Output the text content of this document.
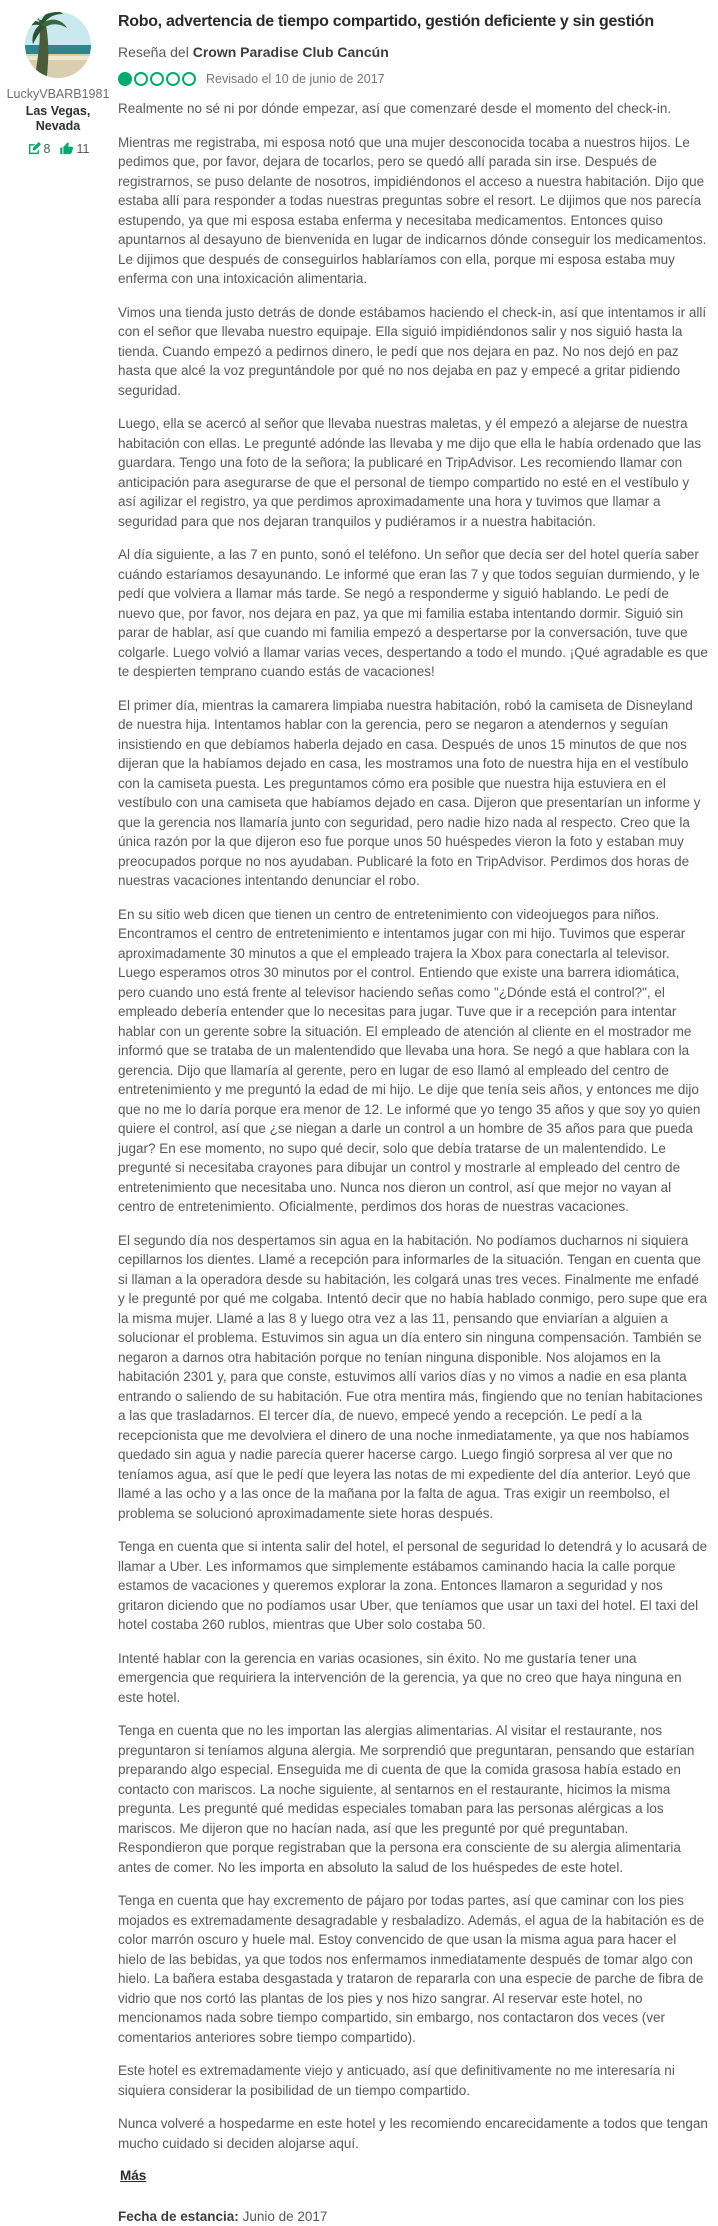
LuckyVBARB1981
Las Vegas, Nevada
8 11
Robo, advertencia de tiempo compartido, gestión deficiente y sin gestión
Reseña del Crown Paradise Club Cancún
Revisado el 10 de junio de 2017

Realmente no sé ni por dónde empezar, así que comenzaré desde el momento del check-in.

Mientras me registraba, mi esposa notó que una mujer desconocida tocaba a nuestros hijos. Le pedimos que, por favor, dejara de tocarlos, pero se quedó allí parada sin irse. Después de registrarnos, se puso delante de nosotros, impidiéndonos el acceso a nuestra habitación. Dijo que estaba allí para responder a todas nuestras preguntas sobre el resort. Le dijimos que nos parecía estupendo, ya que mi esposa estaba enferma y necesitaba medicamentos. Entonces quiso apuntarnos al desayuno de bienvenida en lugar de indicarnos dónde conseguir los medicamentos. Le dijimos que después de conseguirlos hablaríamos con ella, porque mi esposa estaba muy enferma con una intoxicación alimentaria.

Vimos una tienda justo detrás de donde estábamos haciendo el check-in, así que intentamos ir allí con el señor que llevaba nuestro equipaje. Ella siguió impidiéndonos salir y nos siguió hasta la tienda. Cuando empezó a pedirnos dinero, le pedí que nos dejara en paz. No nos dejó en paz hasta que alcé la voz preguntándole por qué no nos dejaba en paz y empecé a gritar pidiendo seguridad.

Luego, ella se acercó al señor que llevaba nuestras maletas, y él empezó a alejarse de nuestra habitación con ellas. Le pregunté adónde las llevaba y me dijo que ella le había ordenado que las guardara. Tengo una foto de la señora; la publicaré en TripAdvisor. Les recomiendo llamar con anticipación para asegurarse de que el personal de tiempo compartido no esté en el vestíbulo y así agilizar el registro, ya que perdimos aproximadamente una hora y tuvimos que llamar a seguridad para que nos dejaran tranquilos y pudiéramos ir a nuestra habitación.

Al día siguiente, a las 7 en punto, sonó el teléfono. Un señor que decía ser del hotel quería saber cuándo estaríamos desayunando. Le informé que eran las 7 y que todos seguían durmiendo, y le pedí que volviera a llamar más tarde. Se negó a responderme y siguió hablando. Le pedí de nuevo que, por favor, nos dejara en paz, ya que mi familia estaba intentando dormir. Siguió sin parar de hablar, así que cuando mi familia empezó a despertarse por la conversación, tuve que colgarle. Luego volvió a llamar varias veces, despertando a todo el mundo. ¡Qué agradable es que te despierten temprano cuando estás de vacaciones!

El primer día, mientras la camarera limpiaba nuestra habitación, robó la camiseta de Disneyland de nuestra hija. Intentamos hablar con la gerencia, pero se negaron a atendernos y seguían insistiendo en que debíamos haberla dejado en casa. Después de unos 15 minutos de que nos dijeran que la habíamos dejado en casa, les mostramos una foto de nuestra hija en el vestíbulo con la camiseta puesta. Les preguntamos cómo era posible que nuestra hija estuviera en el vestíbulo con una camiseta que habíamos dejado en casa. Dijeron que presentarían un informe y que la gerencia nos llamaría junto con seguridad, pero nadie hizo nada al respecto. Creo que la única razón por la que dijeron eso fue porque unos 50 huéspedes vieron la foto y estaban muy preocupados porque no nos ayudaban. Publicaré la foto en TripAdvisor. Perdimos dos horas de nuestras vacaciones intentando denunciar el robo.

En su sitio web dicen que tienen un centro de entretenimiento con videojuegos para niños. Encontramos el centro de entretenimiento e intentamos jugar con mi hijo. Tuvimos que esperar aproximadamente 30 minutos a que el empleado trajera la Xbox para conectarla al televisor. Luego esperamos otros 30 minutos por el control. Entiendo que existe una barrera idiomática, pero cuando uno está frente al televisor haciendo señas como "¿Dónde está el control?", el empleado debería entender que lo necesitas para jugar. Tuve que ir a recepción para intentar hablar con un gerente sobre la situación. El empleado de atención al cliente en el mostrador me informó que se trataba de un malentendido que llevaba una hora. Se negó a que hablara con la gerencia. Dijo que llamaría al gerente, pero en lugar de eso llamó al empleado del centro de entretenimiento y me preguntó la edad de mi hijo. Le dije que tenía seis años, y entonces me dijo que no me lo daría porque era menor de 12. Le informé que yo tengo 35 años y que soy yo quien quiere el control, así que ¿se niegan a darle un control a un hombre de 35 años para que pueda jugar? En ese momento, no supo qué decir, solo que debía tratarse de un malentendido. Le pregunté si necesitaba crayones para dibujar un control y mostrarle al empleado del centro de entretenimiento que necesitaba uno. Nunca nos dieron un control, así que mejor no vayan al centro de entretenimiento. Oficialmente, perdimos dos horas de nuestras vacaciones.

El segundo día nos despertamos sin agua en la habitación. No podíamos ducharnos ni siquiera cepillarnos los dientes. Llamé a recepción para informarles de la situación. Tengan en cuenta que si llaman a la operadora desde su habitación, les colgará unas tres veces. Finalmente me enfadé y le pregunté por qué me colgaba. Intentó decir que no había hablado conmigo, pero supe que era la misma mujer. Llamé a las 8 y luego otra vez a las 11, pensando que enviarían a alguien a solucionar el problema. Estuvimos sin agua un día entero sin ninguna compensación. También se negaron a darnos otra habitación porque no tenían ninguna disponible. Nos alojamos en la habitación 2301 y, para que conste, estuvimos allí varios días y no vimos a nadie en esa planta entrando o saliendo de su habitación. Fue otra mentira más, fingiendo que no tenían habitaciones a las que trasladarnos. El tercer día, de nuevo, empecé yendo a recepción. Le pedí a la recepcionista que me devolviera el dinero de una noche inmediatamente, ya que nos habíamos quedado sin agua y nadie parecía querer hacerse cargo. Luego fingió sorpresa al ver que no teníamos agua, así que le pedí que leyera las notas de mi expediente del día anterior. Leyó que llamé a las ocho y a las once de la mañana por la falta de agua. Tras exigir un reembolso, el problema se solucionó aproximadamente siete horas después.

Tenga en cuenta que si intenta salir del hotel, el personal de seguridad lo detendrá y lo acusará de llamar a Uber. Les informamos que simplemente estábamos caminando hacia la calle porque estamos de vacaciones y queremos explorar la zona. Entonces llamaron a seguridad y nos gritaron diciendo que no podíamos usar Uber, que teníamos que usar un taxi del hotel. El taxi del hotel costaba 260 rublos, mientras que Uber solo costaba 50.

Intenté hablar con la gerencia en varias ocasiones, sin éxito. No me gustaría tener una emergencia que requiriera la intervención de la gerencia, ya que no creo que haya ninguna en este hotel.

Tenga en cuenta que no les importan las alergias alimentarias. Al visitar el restaurante, nos preguntaron si teníamos alguna alergia. Me sorprendió que preguntaran, pensando que estarían preparando algo especial. Enseguida me di cuenta de que la comida grasosa había estado en contacto con mariscos. La noche siguiente, al sentarnos en el restaurante, hicimos la misma pregunta. Les pregunté qué medidas especiales tomaban para las personas alérgicas a los mariscos. Me dijeron que no hacían nada, así que les pregunté por qué preguntaban. Respondieron que porque registraban que la persona era consciente de su alergia alimentaria antes de comer. No les importa en absoluto la salud de los huéspedes de este hotel.

Tenga en cuenta que hay excremento de pájaro por todas partes, así que caminar con los pies mojados es extremadamente desagradable y resbaladizo. Además, el agua de la habitación es de color marrón oscuro y huele mal. Estoy convencido de que usan la misma agua para hacer el hielo de las bebidas, ya que todos nos enfermamos inmediatamente después de tomar algo con hielo. La bañera estaba desgastada y trataron de repararla con una especie de parche de fibra de vidrio que nos cortó las plantas de los pies y nos hizo sangrar. Al reservar este hotel, no mencionamos nada sobre tiempo compartido, sin embargo, nos contactaron dos veces (ver comentarios anteriores sobre tiempo compartido).

Este hotel es extremadamente viejo y anticuado, así que definitivamente no me interesaría ni siquiera considerar la posibilidad de un tiempo compartido.

Nunca volveré a hospedarme en este hotel y les recomiendo encarecidamente a todos que tengan mucho cuidado si deciden alojarse aquí.

Más
Fecha de estancia: Junio de 2017
